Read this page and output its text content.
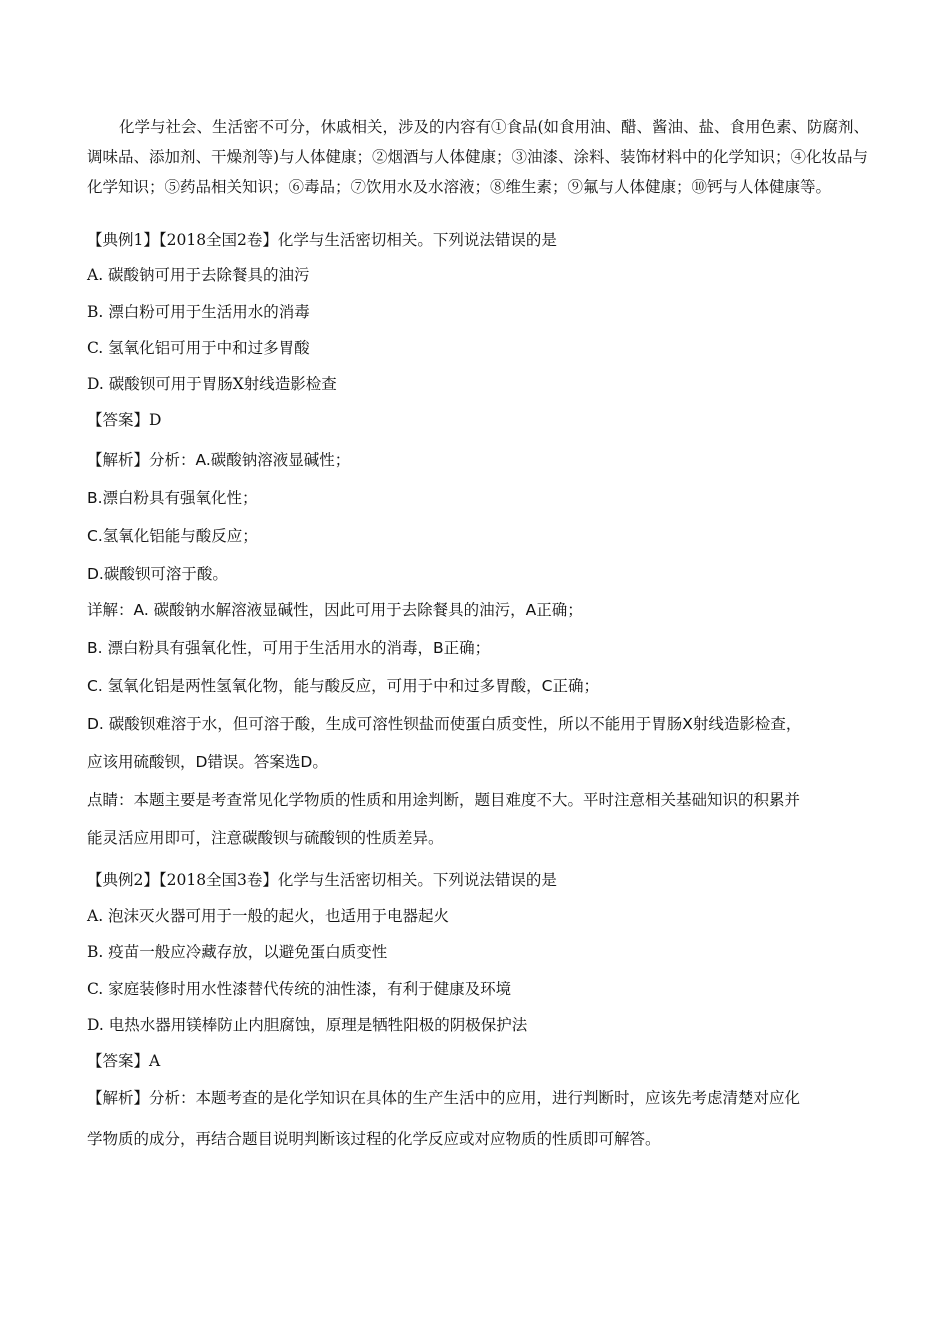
化学与社会、生活密不可分，休戚相关，涉及的内容有①食品(如食用油、醋、酱油、盐、食用色素、防腐剂、调味品、添加剂、干燥剂等)与人体健康；②烟酒与人体健康；③油漆、涂料、装饰材料中的化学知识；④化妆品与化学知识；⑤药品相关知识；⑥毒品；⑦饮用水及水溶液；⑧维生素；⑨氟与人体健康；⑩钙与人体健康等。
【典例1】【2018全国2卷】化学与生活密切相关。下列说法错误的是
A. 碳酸钠可用于去除餐具的油污
B. 漂白粉可用于生活用水的消毒
C. 氢氧化铝可用于中和过多胃酸
D. 碳酸钡可用于胃肠X射线造影检查
【答案】D
【解析】分析：A.碳酸钠溶液显碱性；
B.漂白粉具有强氧化性；
C.氢氧化铝能与酸反应；
D.碳酸钡可溶于酸。
详解：A. 碳酸钠水解溶液显碱性，因此可用于去除餐具的油污，A正确；
B. 漂白粉具有强氧化性，可用于生活用水的消毒，B正确；
C. 氢氧化铝是两性氢氧化物，能与酸反应，可用于中和过多胃酸，C正确；
D. 碳酸钡难溶于水，但可溶于酸，生成可溶性钡盐而使蛋白质变性，所以不能用于胃肠X射线造影检查，
应该用硫酸钡，D错误。答案选D。
点睛：本题主要是考查常见化学物质的性质和用途判断，题目难度不大。平时注意相关基础知识的积累并
能灵活应用即可，注意碳酸钡与硫酸钡的性质差异。
【典例2】【2018全国3卷】化学与生活密切相关。下列说法错误的是
A. 泡沫灭火器可用于一般的起火，也适用于电器起火
B. 疫苗一般应冷藏存放，以避免蛋白质变性
C. 家庭装修时用水性漆替代传统的油性漆，有利于健康及环境
D. 电热水器用镁棒防止内胆腐蚀，原理是牺牲阳极的阴极保护法
【答案】A
【解析】分析：本题考查的是化学知识在具体的生产生活中的应用，进行判断时，应该先考虑清楚对应化
学物质的成分，再结合题目说明判断该过程的化学反应或对应物质的性质即可解答。
